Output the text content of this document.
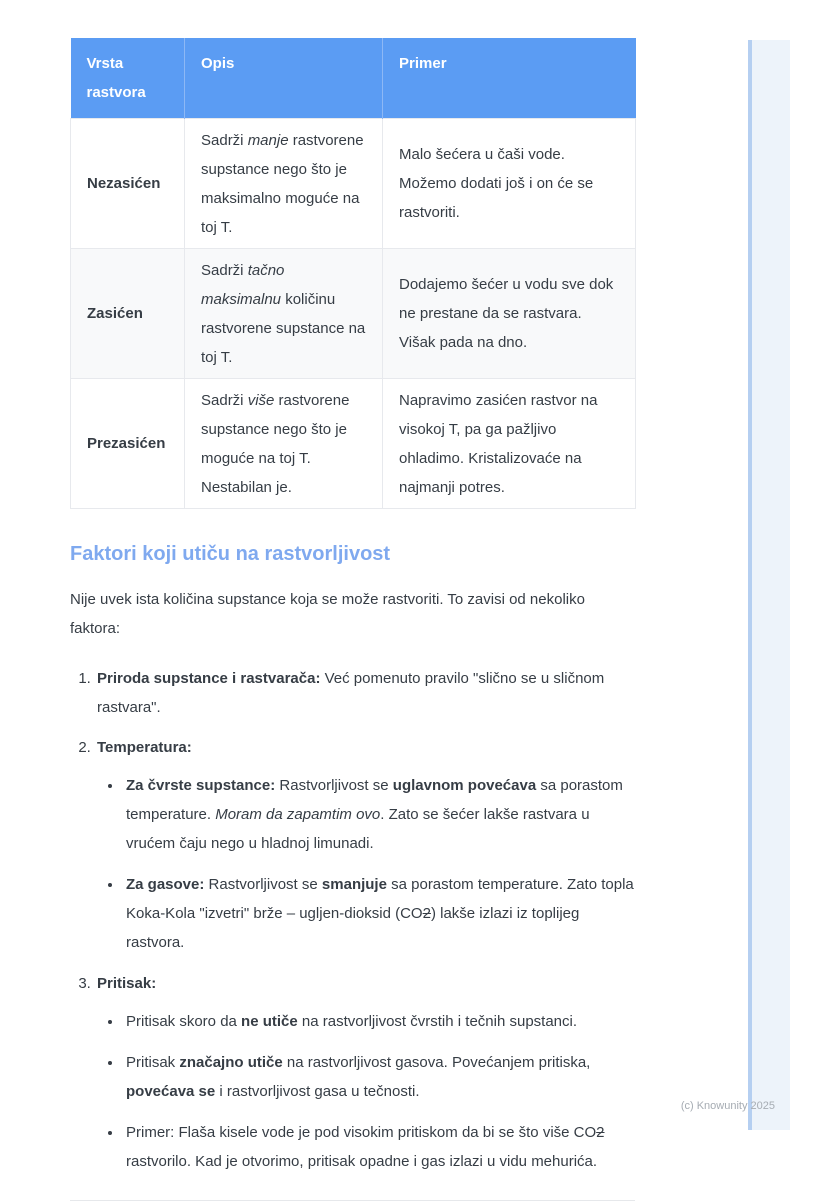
Vrsta rastvora	Opis	Primer
Nezasićen	Sadrži manje rastvorene supstance nego što je maksimalno moguće na toj T.	Malo šećera u čaši vode. Možemo dodati još i on će se rastvoriti.
Zasićen	Sadrži tačno maksimalnu količinu rastvorene supstance na toj T.	Dodajemo šećer u vodu sve dok ne prestane da se rastvara. Višak pada na dno.
Prezasićen	Sadrži više rastvorene supstance nego što je moguće na toj T. Nestabilan je.	Napravimo zasićen rastvor na visokoj T, pa ga pažljivo ohladimo. Kristalizovaće na najmanji potres.
Faktori koji utiču na rastvorljivost

Nije uvek ista količina supstance koja se može rastvoriti. To zavisi od nekoliko faktora:

1. Priroda supstance i rastvarača: Već pomenuto pravilo "slično se u sličnom rastvara".
2. Temperatura:
• Za čvrste supstance: Rastvorljivost se uglavnom povećava sa porastom temperature. Moram da zapamtim ovo. Zato se šećer lakše rastvara u vrućem čaju nego u hladnoj limunadi.
• Za gasove: Rastvorljivost se smanjuje sa porastom temperature. Zato topla Koka-Kola "izvetri" brže – ugljen-dioksid (CO2) lakše izlazi iz toplijeg rastvora.
3. Pritisak:
• Pritisak skoro da ne utiče na rastvorljivost čvrstih i tečnih supstanci.
• Pritisak značajno utiče na rastvorljivost gasova. Povećanjem pritiska, povećava se i rastvorljivost gasa u tečnosti.
• Primer: Flaša kisele vode je pod visokim pritiskom da bi se što više CO2 rastvorilo. Kad je otvorimo, pritisak opadne i gas izlazi u vidu mehurića.
(c) Knowunity 2025
